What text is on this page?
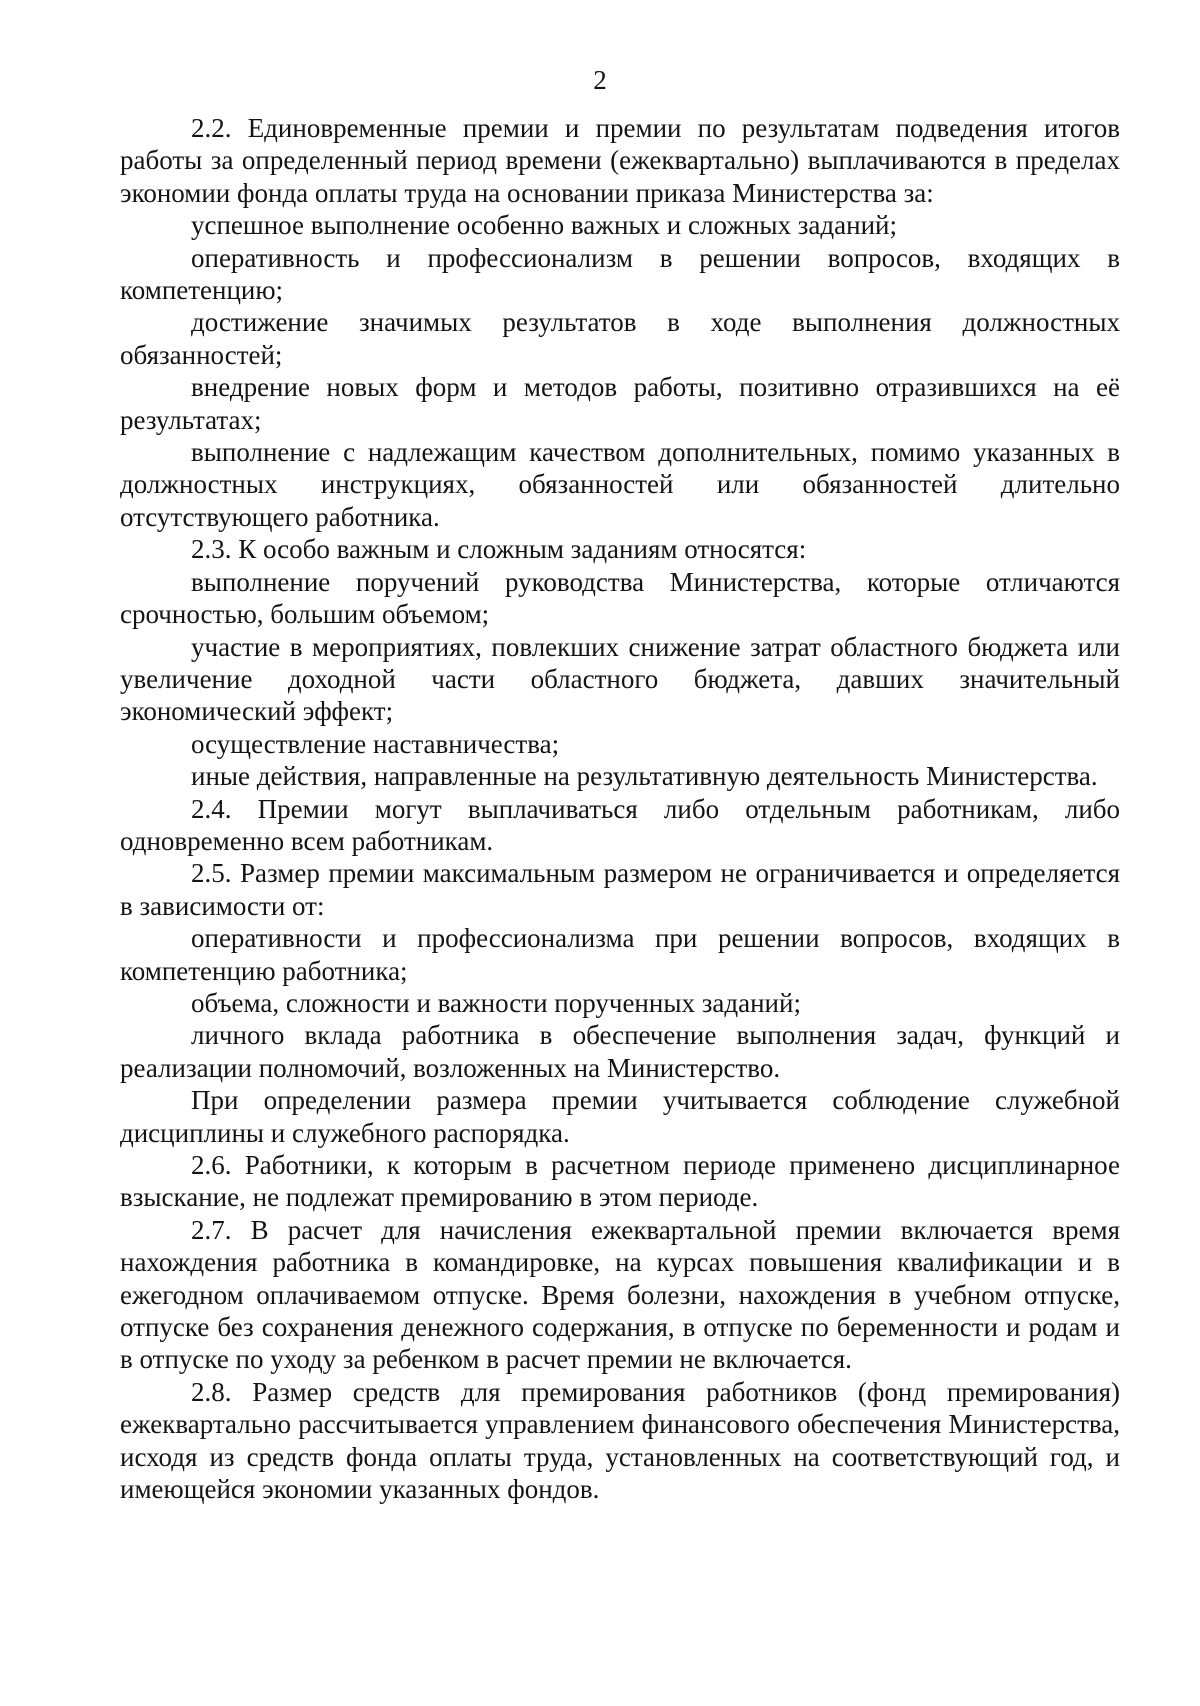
2

2.2. Единовременные премии и премии по результатам подведения итогов работы за определенный период времени (ежеквартально) выплачиваются в пределах экономии фонда оплаты труда на основании приказа Министерства за:

успешное выполнение особенно важных и сложных заданий;

оперативность и профессионализм в решении вопросов, входящих в компетенцию;

достижение значимых результатов в ходе выполнения должностных обязанностей;

внедрение новых форм и методов работы, позитивно отразившихся на её результатах;

выполнение с надлежащим качеством дополнительных, помимо указанных в должностных инструкциях, обязанностей или обязанностей длительно отсутствующего работника.

2.3. К особо важным и сложным заданиям относятся:

выполнение поручений руководства Министерства, которые отличаются срочностью, большим объемом;

участие в мероприятиях, повлекших снижение затрат областного бюджета или увеличение доходной части областного бюджета, давших значительный экономический эффект;

осуществление наставничества;

иные действия, направленные на результативную деятельность Министерства.

2.4. Премии могут выплачиваться либо отдельным работникам, либо одновременно всем работникам.

2.5. Размер премии максимальным размером не ограничивается и определяется в зависимости от:

оперативности и профессионализма при решении вопросов, входящих в компетенцию работника;

объема, сложности и важности порученных заданий;

личного вклада работника в обеспечение выполнения задач, функций и реализации полномочий, возложенных на Министерство.

При определении размера премии учитывается соблюдение служебной дисциплины и служебного распорядка.

2.6. Работники, к которым в расчетном периоде применено дисциплинарное взыскание, не подлежат премированию в этом периоде.

2.7. В расчет для начисления ежеквартальной премии включается время нахождения работника в командировке, на курсах повышения квалификации и в ежегодном оплачиваемом отпуске. Время болезни, нахождения в учебном отпуске, отпуске без сохранения денежного содержания, в отпуске по беременности и родам и в отпуске по уходу за ребенком в расчет премии не включается.

2.8. Размер средств для премирования работников (фонд премирования) ежеквартально рассчитывается управлением финансового обеспечения Министерства, исходя из средств фонда оплаты труда, установленных на соответствующий год, и имеющейся экономии указанных фондов.
